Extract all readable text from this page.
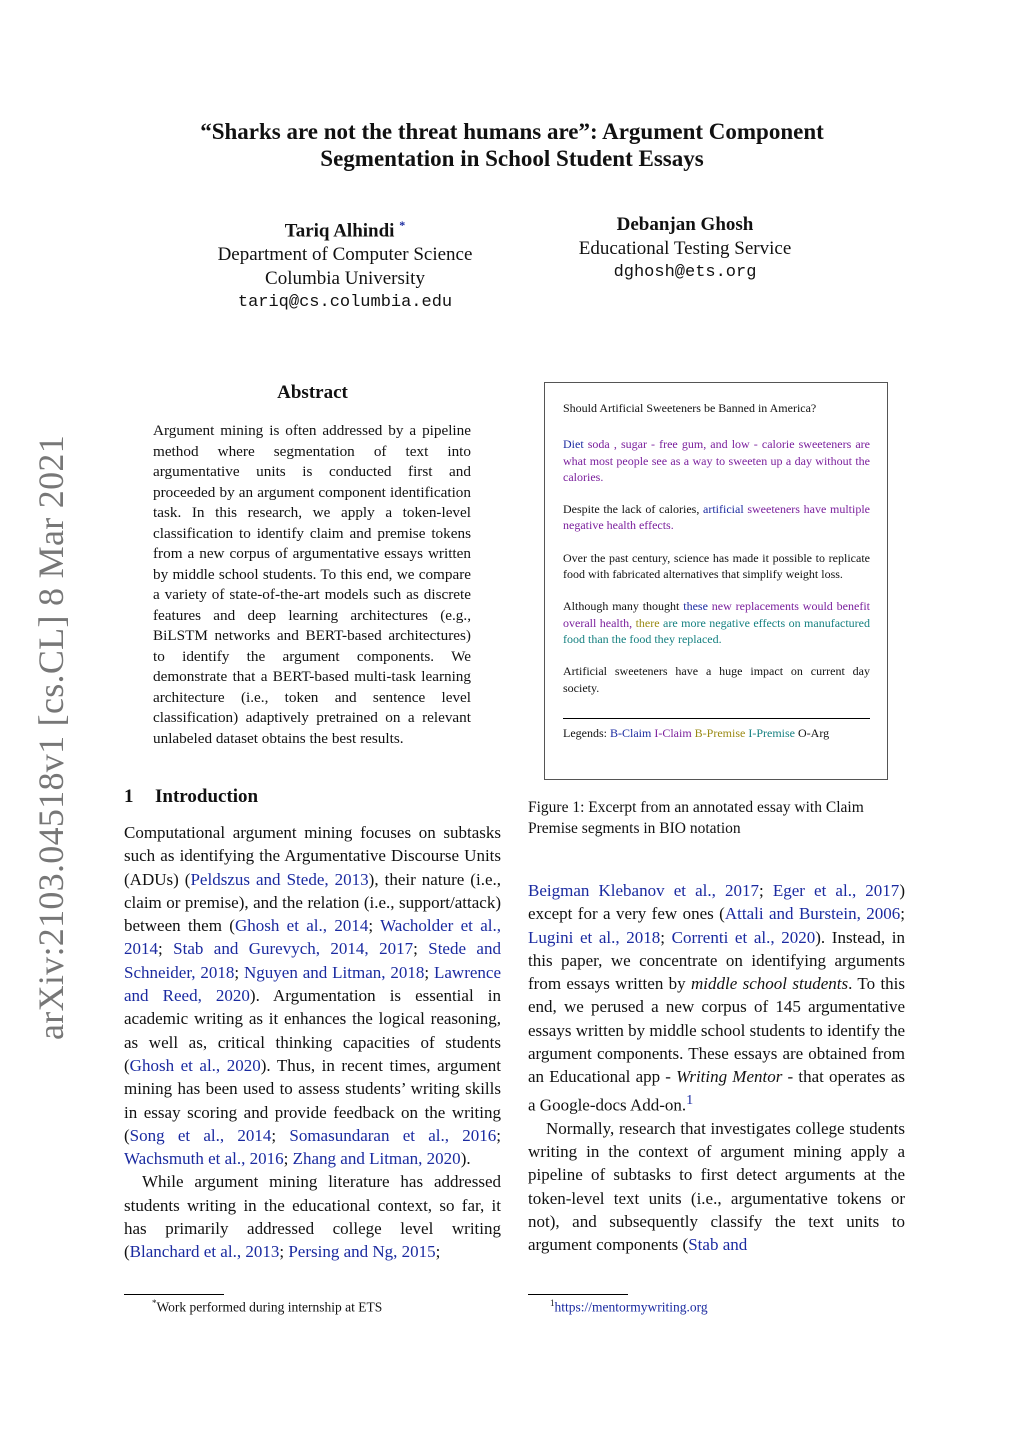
arXiv:2103.04518v1 [cs.CL] 8 Mar 2021
“Sharks are not the threat humans are”: Argument Component
Segmentation in School Student Essays
Tariq Alhindi *
Department of Computer Science
Columbia University
tariq@cs.columbia.edu
Debanjan Ghosh
Educational Testing Service
dghosh@ets.org
Abstract
Argument mining is often addressed by a pipeline method where segmentation of text into argumentative units is conducted first and proceeded by an argument component identification task. In this research, we apply a token-level classification to identify claim and premise tokens from a new corpus of argumentative essays written by middle school students. To this end, we compare a variety of state-of-the-art models such as discrete features and deep learning architectures (e.g., BiLSTM networks and BERT-based architectures) to identify the argument components. We demonstrate that a BERT-based multi-task learning architecture (i.e., token and sentence level classification) adaptively pretrained on a relevant unlabeled dataset obtains the best results.
1 Introduction

Computational argument mining focuses on subtasks such as identifying the Argumentative Discourse Units (ADUs) (Peldszus and Stede, 2013), their nature (i.e., claim or premise), and the relation (i.e., support/attack) between them (Ghosh et al., 2014; Wacholder et al., 2014; Stab and Gurevych, 2014, 2017; Stede and Schneider, 2018; Nguyen and Litman, 2018; Lawrence and Reed, 2020). Argumentation is essential in academic writing as it enhances the logical reasoning, as well as, critical thinking capacities of students (Ghosh et al., 2020). Thus, in recent times, argument mining has been used to assess students’ writing skills in essay scoring and provide feedback on the writing (Song et al., 2014; Somasundaran et al., 2016; Wachsmuth et al., 2016; Zhang and Litman, 2020).

While argument mining literature has addressed students writing in the educational context, so far, it has primarily addressed college level writing (Blanchard et al., 2013; Persing and Ng, 2015;

*Work performed during internship at ETS

Should Artificial Sweeteners be Banned in America?

Diet soda , sugar - free gum, and low - calorie sweeteners are what most people see as a way to sweeten up a day without the calories.

Despite the lack of calories, artificial sweeteners have multiple negative health effects.

Over the past century, science has made it possible to replicate food with fabricated alternatives that simplify weight loss.

Although many thought these new replacements would benefit overall health, there are more negative effects on manufactured food than the food they replaced.

Artificial sweeteners have a huge impact on current day society.

Legends: B-Claim I-Claim B-Premise I-Premise O-Arg

Figure 1: Excerpt from an annotated essay with Claim Premise segments in BIO notation

Beigman Klebanov et al., 2017; Eger et al., 2017) except for a very few ones (Attali and Burstein, 2006; Lugini et al., 2018; Correnti et al., 2020). Instead, in this paper, we concentrate on identifying arguments from essays written by middle school students. To this end, we perused a new corpus of 145 argumentative essays written by middle school students to identify the argument components. These essays are obtained from an Educational app - Writing Mentor - that operates as a Google-docs Add-on.$^1$

Normally, research that investigates college students writing in the context of argument mining apply a pipeline of subtasks to first detect arguments at the token-level text units (i.e., argumentative tokens or not), and subsequently classify the text units to argument components (Stab and

$^1$https://mentormywriting.org
